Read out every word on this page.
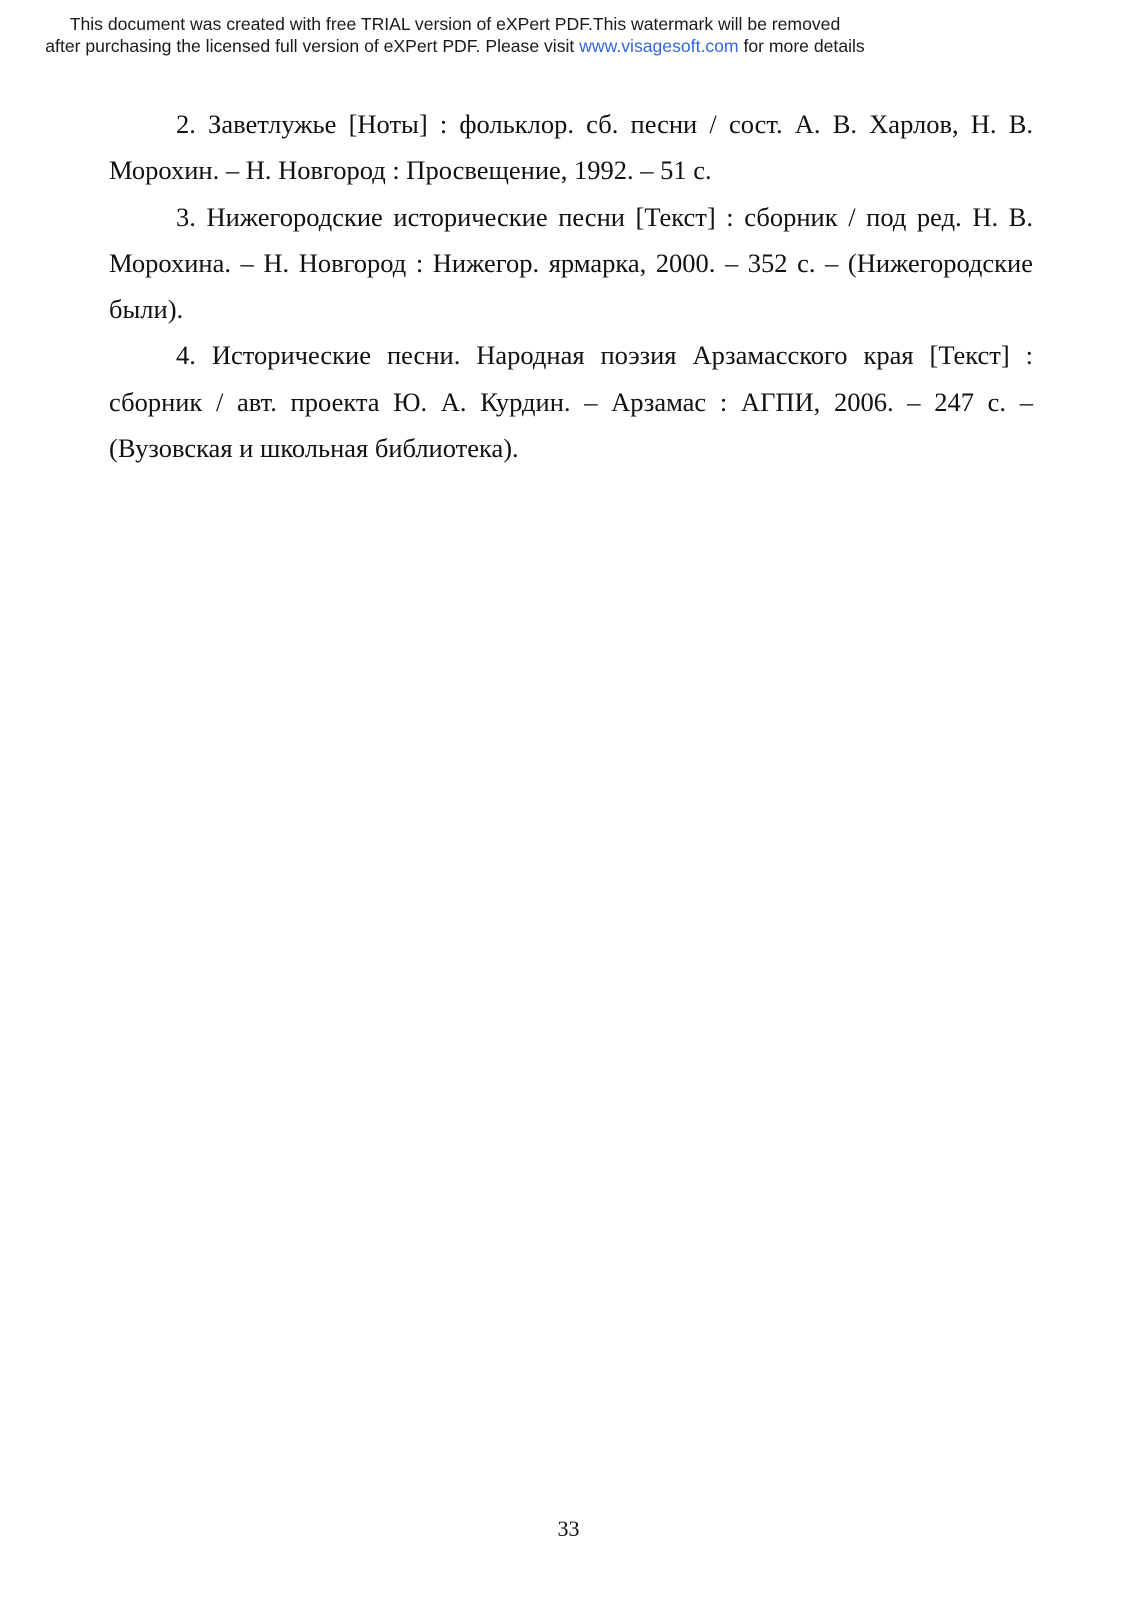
This document was created with free TRIAL version of eXPert PDF.This watermark will be removed
after purchasing the licensed full version of eXPert PDF. Please visit www.visagesoft.com for more details

2. Заветлужье [Ноты] : фольклор. сб. песни / сост. А. В. Харлов, Н. В. Морохин. – Н. Новгород : Просвещение, 1992. – 51 с.

3. Нижегородские исторические песни [Текст] : сборник / под ред. Н. В. Морохина. – Н. Новгород : Нижегор. ярмарка, 2000. – 352 с. – (Нижегородские были).

4. Исторические песни. Народная поэзия Арзамасского края [Текст] : сборник / авт. проекта Ю. А. Курдин. – Арзамас : АГПИ, 2006. – 247 с. – (Вузовская и школьная библиотека).

33
